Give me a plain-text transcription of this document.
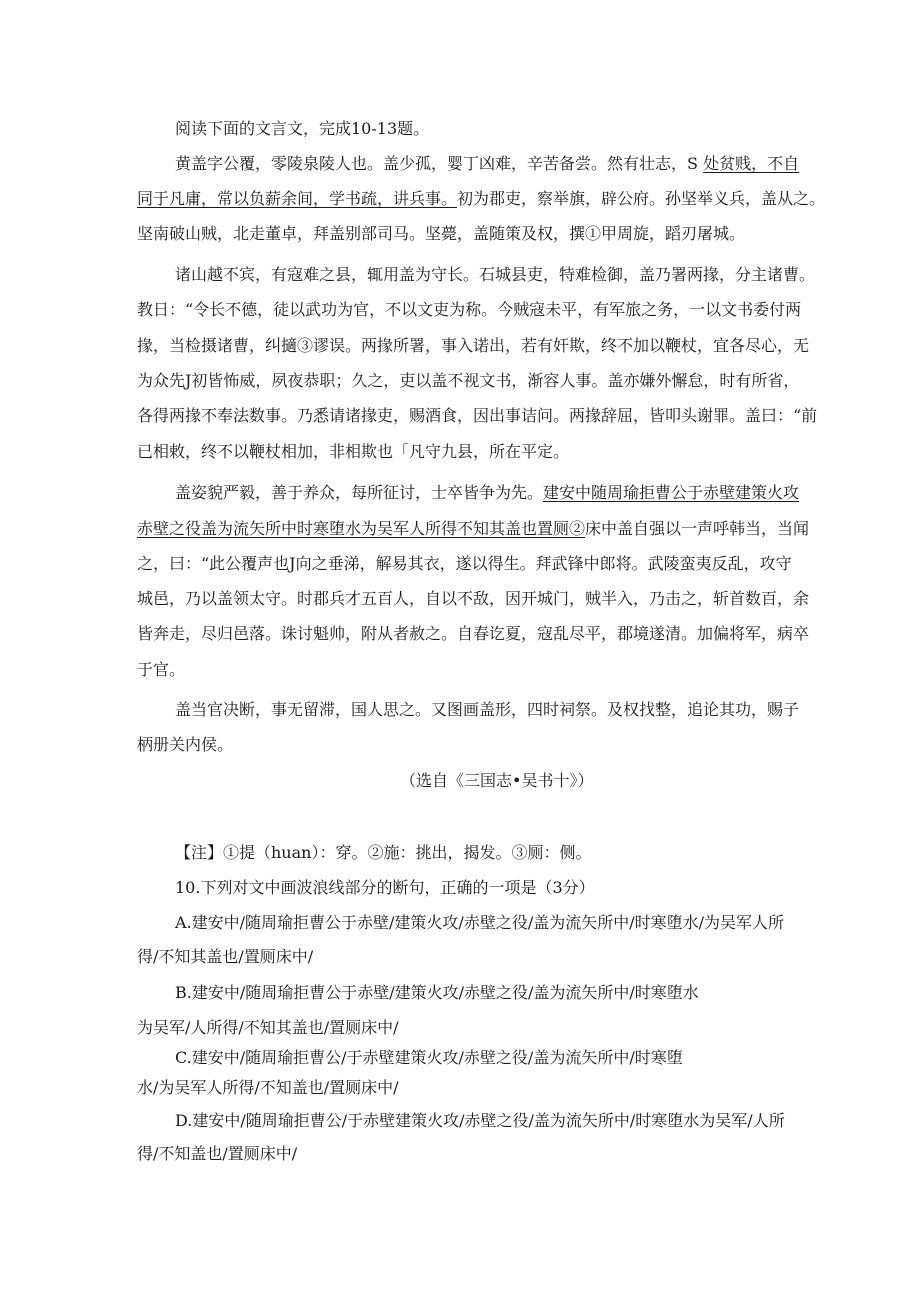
阅读下面的文言文，完成10-13题。
黄盖字公覆，零陵泉陵人也。盖少孤，婴丁凶难，辛苦备尝。然有壮志，S 处贫贱，不自
同于凡庸，常以负薪余间，学书疏，讲兵事。初为郡吏，察举旗，辟公府。孙坚举义兵，盖从之。
坚南破山贼，北走董卓，拜盖别部司马。坚薨，盖随策及权，撰①甲周旋，蹈刃屠城。
诸山越不宾，有寇难之县，辄用盖为守长。石城县吏，特难检御，盖乃署两掾，分主诸曹。
教日：“令长不德，徒以武功为官，不以文吏为称。今贼寇未平，有军旅之务，一以文书委付两
掾，当检摄诸曹，纠擿③谬误。两掾所署，事入诺出，若有奸欺，终不加以鞭杖，宜各尽心，无
为众先J初皆怖威，夙夜恭职；久之，吏以盖不视文书，渐容人事。盖亦嫌外懈怠，时有所省，
各得两掾不奉法数事。乃悉请诸掾吏，赐酒食，因出事诘问。两掾辞屈，皆叩头谢罪。盖曰：“前
已相敕，终不以鞭杖相加，非相欺也「凡守九县，所在平定。
盖姿貌严毅，善于养众，每所征讨，士卒皆争为先。建安中随周瑜拒曹公于赤壁建策火攻
赤壁之役盖为流矢所中时寒堕水为吴军人所得不知其盖也置厕②床中盖自强以一声呼韩当，当闻
之，曰：“此公覆声也J向之垂涕，解易其衣，遂以得生。拜武锋中郎将。武陵蛮夷反乱，攻守
城邑，乃以盖领太守。时郡兵才五百人，自以不敌，因开城门，贼半入，乃击之，斩首数百，余
皆奔走，尽归邑落。诛讨魁帅，附从者赦之。自春讫夏，寇乱尽平，郡境遂清。加偏将军，病卒
于官。
盖当官决断，事无留滞，国人思之。又图画盖形，四时祠祭。及权找整，追论其功，赐子
柄册关内侯。
（选自《三国志•吴书十》）
【注】①提（huan）：穿。②施：挑出，揭发。③厕：侧。
10.下列对文中画波浪线部分的断句，正确的一项是（3分）
A.建安中/随周瑜拒曹公于赤壁/建策火攻/赤壁之役/盖为流矢所中/时寒堕水/为吴军人所
得/不知其盖也/置厕床中/
B.建安中/随周瑜拒曹公于赤壁/建策火攻/赤壁之役/盖为流矢所中/时寒堕水
为吴军/人所得/不知其盖也/置厕床中/
C.建安中/随周瑜拒曹公/于赤壁建策火攻/赤壁之役/盖为流矢所中/时寒堕
水/为吴军人所得/不知盖也/置厕床中/
D.建安中/随周瑜拒曹公/于赤壁建策火攻/赤壁之役/盖为流矢所中/时寒堕水为吴军/人所
得/不知盖也/置厕床中/
